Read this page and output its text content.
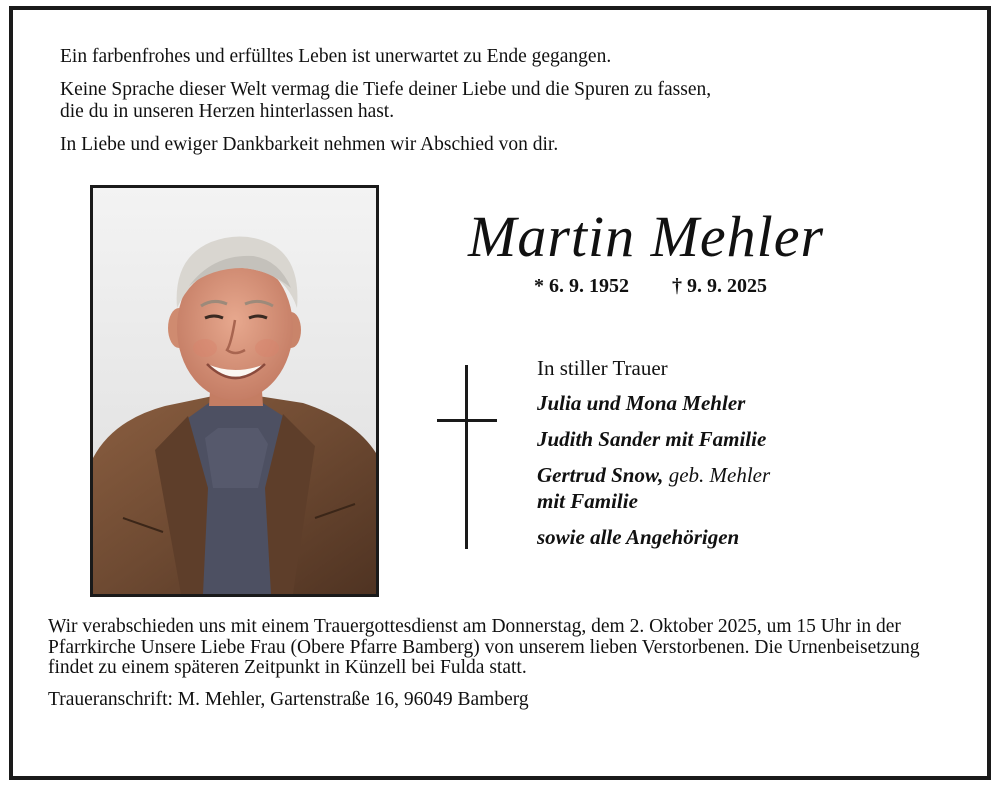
Ein farbenfrohes und erfülltes Leben ist unerwartet zu Ende gegangen.

Keine Sprache dieser Welt vermag die Tiefe deiner Liebe und die Spuren zu fassen,
die du in unseren Herzen hinterlassen hast.

In Liebe und ewiger Dankbarkeit nehmen wir Abschied von dir.

Martin Mehler
* 6. 9. 1952 † 9. 9. 2025
In stiller Trauer
Julia und Mona Mehler
Judith Sander mit Familie
Gertrud Snow, geb. Mehler
mit Familie
sowie alle Angehörigen

Wir verabschieden uns mit einem Trauergottesdienst am Donnerstag, dem 2. Oktober 2025, um 15 Uhr in der Pfarrkirche Unsere Liebe Frau (Obere Pfarre Bamberg) von unserem lieben Verstorbenen. Die Urnenbeisetzung findet zu einem späteren Zeitpunkt in Künzell bei Fulda statt.

Traueranschrift: M. Mehler, Gartenstraße 16, 96049 Bamberg
